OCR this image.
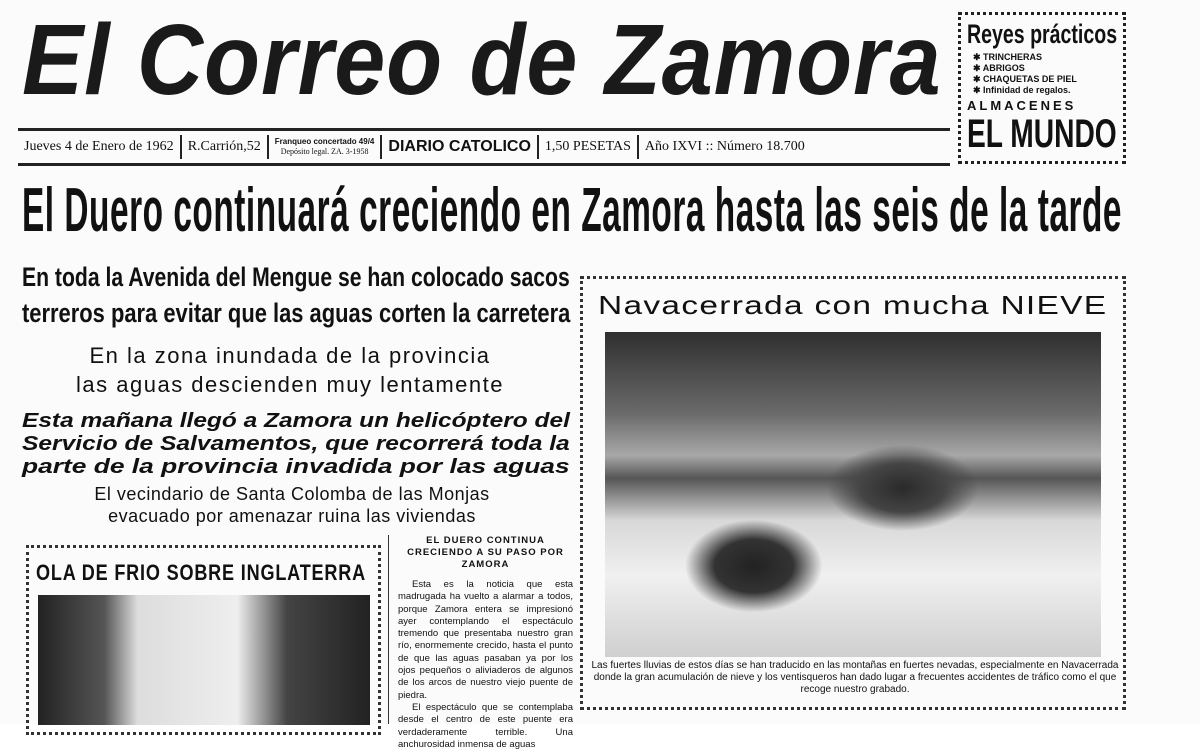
El Correo de Zamora
Jueves 4 de Enero de 1962	R.Carrión,52	Franqueo concertado 49/4
Depósito legal. ZA. 3-1958	DIARIO CATOLICO	1,50 PESETAS	Año IXVI :: Número 18.700
Reyes prácticos
✱ TRINCHERAS
✱ ABRIGOS
✱ CHAQUETAS DE PIEL
✱ Infinidad de regalos.
ALMACENES
EL MUNDO
El Duero continuará creciendo en Zamora hasta las seis de la tarde
En toda la Avenida del Mengue se han colocado sacos
terreros para evitar que las aguas corten la carretera
En la zona inundada de la provincia
las aguas descienden muy lentamente
Esta mañana llegó a Zamora un helicóptero del
Servicio de Salvamentos, que recorrerá toda la
parte de la provincia invadida por las aguas
El vecindario de Santa Colomba de las Monjas
evacuado por amenazar ruina las viviendas
Navacerrada con mucha NIEVE
Las fuertes lluvias de estos días se han traducido en las montañas en fuertes nevadas, especialmente en Navacerrada donde la gran acumulación de nieve y los ventisqueros han dado lugar a frecuentes accidentes de tráfico como el que recoge nuestro grabado.
OLA DE FRIO SOBRE INGLATERRA
EL DUERO CONTINUA CRECIENDO A SU PASO POR ZAMORA

Esta es la noticia que esta madrugada ha vuelto a alarmar a todos, porque Zamora entera se impresionó ayer contemplando el espectáculo tremendo que presentaba nuestro gran río, enormemente crecido, hasta el punto de que las aguas pasaban ya por los ojos pequeños o aliviaderos de algunos de los arcos de nuestro viejo puente de piedra.

El espectáculo que se contemplaba desde el centro de este puente era verdaderamente terrible. Una anchurosidad inmensa de aguas
